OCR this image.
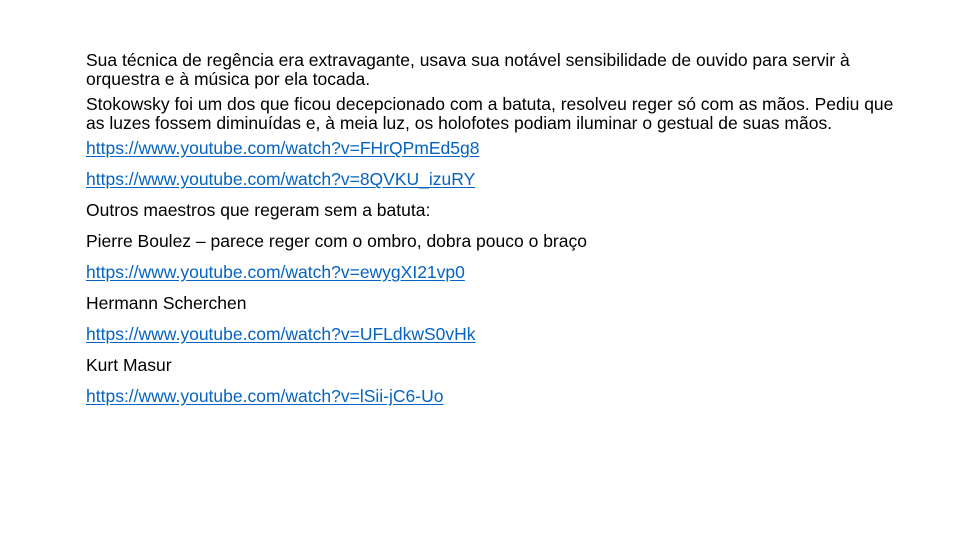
Sua técnica de regência era extravagante, usava sua notável sensibilidade de ouvido para servir à orquestra e à música por ela tocada.

Stokowsky foi um dos que ficou decepcionado com a batuta, resolveu reger só com as mãos. Pediu que as luzes fossem diminuídas e, à meia luz, os holofotes podiam iluminar o gestual de suas mãos.

https://www.youtube.com/watch?v=FHrQPmEd5g8

https://www.youtube.com/watch?v=8QVKU_izuRY

Outros maestros que regeram sem a batuta:

Pierre Boulez – parece reger com o ombro, dobra pouco o braço

https://www.youtube.com/watch?v=ewygXI21vp0

Hermann Scherchen

https://www.youtube.com/watch?v=UFLdkwS0vHk

Kurt Masur

https://www.youtube.com/watch?v=lSii-jC6-Uo
